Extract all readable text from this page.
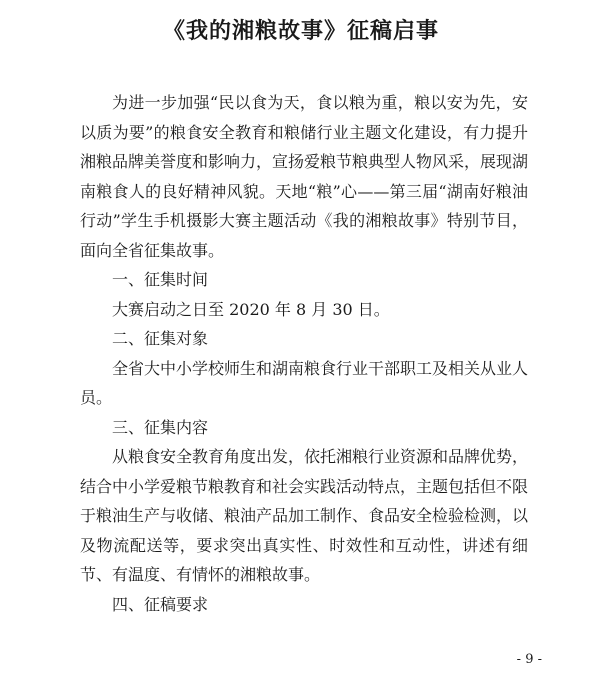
《我的湘粮故事》征稿启事

为进一步加强“民以食为天，食以粮为重，粮以安为先，安以质为要”的粮食安全教育和粮储行业主题文化建设，有力提升湘粮品牌美誉度和影响力，宣扬爱粮节粮典型人物风采，展现湖南粮食人的良好精神风貌。天地“粮”心——第三届“湖南好粮油行动”学生手机摄影大赛主题活动《我的湘粮故事》特别节目，面向全省征集故事。

一、征集时间

大赛启动之日至 2020 年 8 月 30 日。

二、征集对象

全省大中小学校师生和湖南粮食行业干部职工及相关从业人员。

三、征集内容

从粮食安全教育角度出发，依托湘粮行业资源和品牌优势，结合中小学爱粮节粮教育和社会实践活动特点，主题包括但不限于粮油生产与收储、粮油产品加工制作、食品安全检验检测，以及物流配送等，要求突出真实性、时效性和互动性，讲述有细节、有温度、有情怀的湘粮故事。

四、征稿要求

- 9 -
